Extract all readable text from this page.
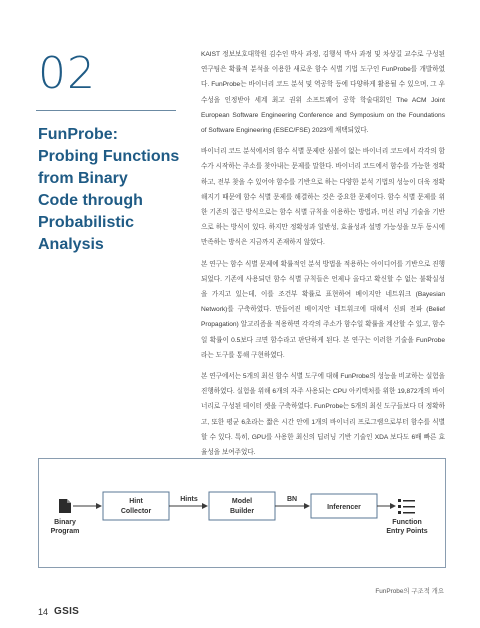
02
FunProbe:
Probing Functions
from Binary
Code through
Probabilistic
Analysis

KAIST 정보보호대학원 김수인 박사 과정, 김행석 박사 과정 및 차상길 교수로 구성된 연구팀은 확률적 분석을 이용한 새로운 함수 식별 기법 도구인 FunProbe를 개발하였다. FunProbe는 바이너리 코드 분석 및 역공학 등에 다양하게 활용될 수 있으며, 그 우수성을 인정받아 세계 최고 권위 소프트웨어 공학 학술대회인 The ACM Joint European Software Engineering Conference and Symposium on the Foundations of Software Engineering (ESEC/FSE) 2023에 채택되었다.

바이너리 코드 분석에서의 함수 식별 문제란 심볼이 없는 바이너리 코드에서 각각의 함수가 시작하는 주소를 찾아내는 문제를 말한다. 바이너리 코드에서 함수를 가능한 정확하고, 전부 찾을 수 있어야 함수를 기반으로 하는 다양한 분석 기법의 성능이 더욱 정확해지기 때문에 함수 식별 문제를 해결하는 것은 중요한 문제이다. 함수 식별 문제를 위한 기존의 접근 방식으로는 함수 식별 규칙을 이용하는 방법과, 머신 러닝 기술을 기반으로 하는 방식이 있다. 하지만 정확성과 일반성, 효율성과 설명 가능성을 모두 동시에 만족하는 방식은 지금까지 존재하지 않았다.

본 연구는 함수 식별 문제에 확률적인 분석 방법을 적용하는 아이디어를 기반으로 진행되었다. 기존에 사용되던 함수 식별 규칙들은 언제나 올다고 확신할 수 없는 불확실성을 가지고 있는데, 이를 조건부 확률로 표현하여 베이지안 네트워크 (Bayesian Network)를 구축하였다. 만들어진 베이지안 네트워크에 대해서 신뢰 전파 (Belief Propagation) 알고리즘을 적용하면 각각의 주소가 함수일 확률을 계산할 수 있고, 함수일 확률이 0.5보다 크면 함수라고 판단하게 된다. 본 연구는 이러한 기술을 FunProbe라는 도구를 통해 구현하였다.

본 연구에서는 5개의 최신 함수 식별 도구에 대해 FunProbe의 성능을 비교하는 실험을 진행하였다. 실험을 위해 6개의 자주 사용되는 CPU 아키텍처를 위한 19,872개의 바이너리로 구성된 데이터 셋을 구축하였다. FunProbe는 5개의 최신 도구들보다 더 정확하고, 또한 평균 6초라는 짧은 시간 안에 1개의 바이너리 프로그램으로부터 함수를 식별할 수 있다. 특히, GPU를 사용한 최신의 딥러닝 기반 기술인 XDA 보다도 6배 빠른 효율성을 보여주었다.

Binary
Program
Hint
Collector
Hints	Model
Builder
BN
Inferencer
Function
Entry Points
FunProbe의 구조적 개요
14 GSIS
